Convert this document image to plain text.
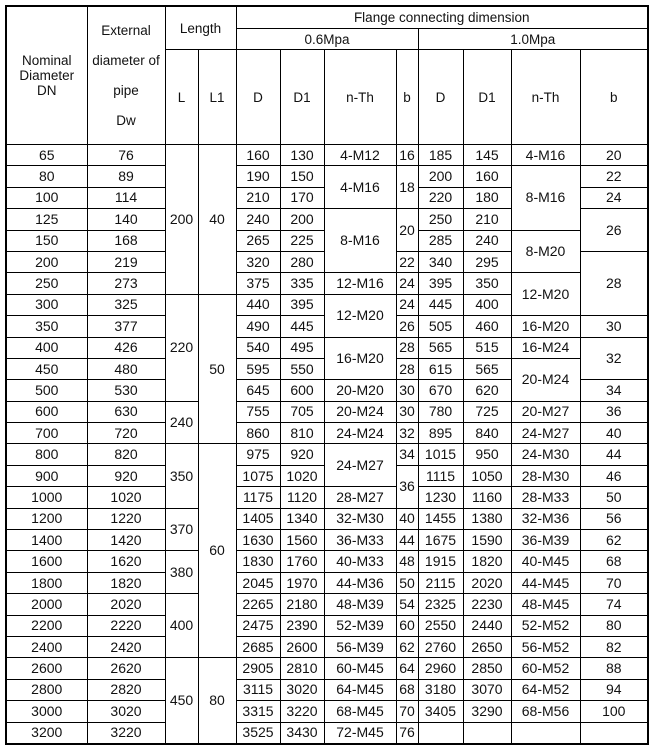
Nominal
Diameter
DN	External
diameter of
pipe
Dw	Length		Flange connecting dimension							
				0.6Mpa				1.0Mpa			
		L	L1	D	D1	n-Th	b	D	D1	n-Th	b
65	76	200	40	160	130	4-M12	16	185	145	4-M16	20
80	89			190	150	4-M16	18	200	160	8-M16	22
100	114			210	170			220	180		24
125	140			240	200	8-M16	20	250	210		26
150	168			265	225			285	240	8-M20	
200	219			320	280		22	340	295		28
250	273			375	335	12-M16	24	395	350	12-M20	
300	325	220	50	440	395	12-M20	24	445	400		
350	377			490	445		26	505	460	16-M20	30
400	426			540	495	16-M20	28	565	515	16-M24	32
450	480			595	550		28	615	565	20-M24	
500	530			645	600	20-M20	30	670	620		34
600	630	240		755	705	20-M24	30	780	725	20-M27	36
700	720			860	810	24-M24	32	895	840	24-M27	40
800	820	350	60	975	920	24-M27	34	1015	950	24-M30	44
900	920			1075	1020		36	1115	1050	28-M30	46
1000	1020			1175	1120	28-M27		1230	1160	28-M33	50
1200	1220	370		1405	1340	32-M30	40	1455	1380	32-M36	56
1400	1420			1630	1560	36-M33	44	1675	1590	36-M39	62
1600	1620	380		1830	1760	40-M33	48	1915	1820	40-M45	68
1800	1820			2045	1970	44-M36	50	2115	2020	44-M45	70
2000	2020	400		2265	2180	48-M39	54	2325	2230	48-M45	74
2200	2220			2475	2390	52-M39	60	2550	2440	52-M52	80
2400	2420			2685	2600	56-M39	62	2760	2650	56-M52	82
2600	2620	450	80	2905	2810	60-M45	64	2960	2850	60-M52	88
2800	2820			3115	3020	64-M45	68	3180	3070	64-M52	94
3000	3020			3315	3220	68-M45	70	3405	3290	68-M56	100
3200	3220			3525	3430	72-M45	76				
